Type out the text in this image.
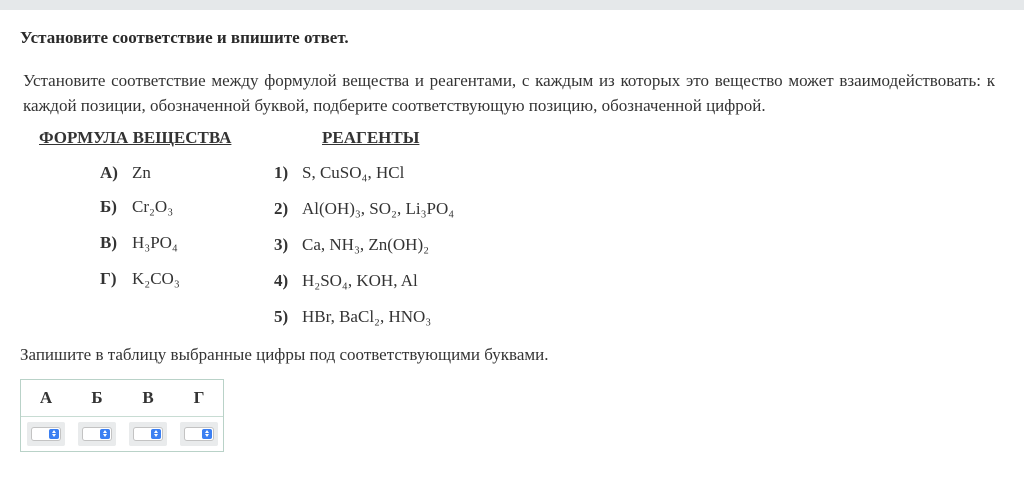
Установите соответствие и впишите ответ.
Установите соответствие между формулой вещества и реагентами, с каждым из которых это вещество может взаимодействовать: к каждой позиции, обозначенной буквой, подберите соответствующую позицию, обозначенной цифрой.
ФОРМУЛА ВЕЩЕСТВА	РЕАГЕНТЫ
А) Zn
Б) Cr₂O₃
В) H₃PO₄
Г) K₂CO₃
1) S, CuSO₄, HCl
2) Al(OH)₃, SO₂, Li₃PO₄
3) Ca, NH₃, Zn(OH)₂
4) H₂SO₄, KOH, Al
5) HBr, BaCl₂, HNO₃
Запишите в таблицу выбранные цифры под соответствующими буквами.
А	Б	В	Г
